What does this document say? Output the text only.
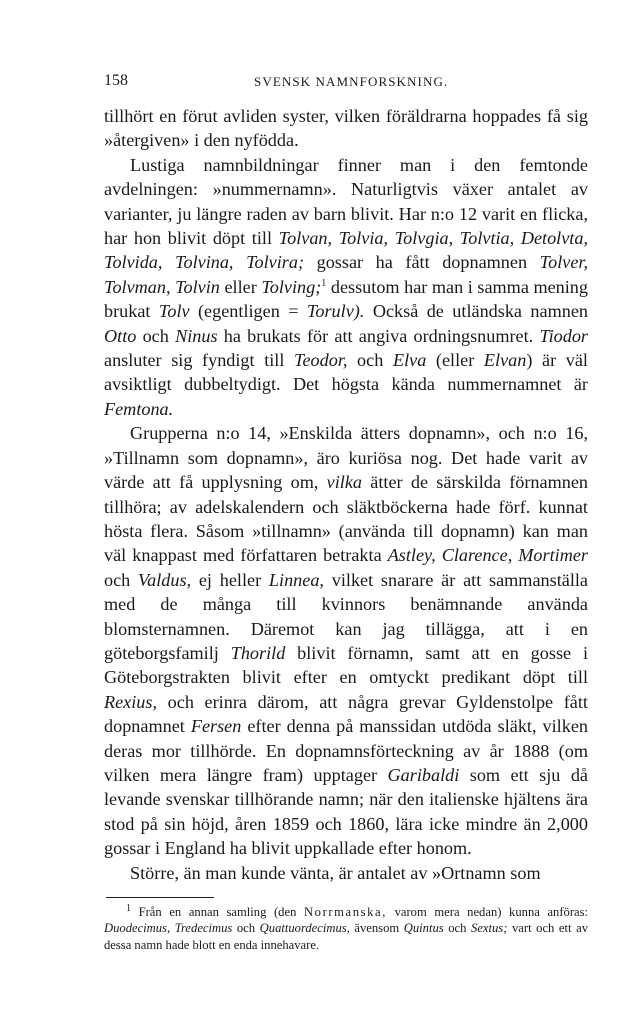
158	SVENSK NAMNFORSKNING.

tillhört en förut avliden syster, vilken föräldrarna hoppades få sig »återgiven» i den nyfödda.

Lustiga namnbildningar finner man i den femtonde avdelningen: »nummernamn». Naturligtvis växer antalet av varianter, ju längre raden av barn blivit. Har n:o 12 varit en flicka, har hon blivit döpt till Tolvan, Tolvia, Tolvgia, Tolvtia, Detolvta, Tolvida, Tolvina, Tolvira; gossar ha fått dopnamnen Tolver, Tolvman, Tolvin eller Tolving;$^1$ dessutom har man i samma mening brukat Tolv (egentligen = Torulv). Också de utländska namnen Otto och Ninus ha brukats för att angiva ordningsnumret. Tiodor ansluter sig fyndigt till Teodor, och Elva (eller Elvan) är väl avsiktligt dubbeltydigt. Det högsta kända nummernamnet är Femtona.

Grupperna n:o 14, »Enskilda ätters dopnamn», och n:o 16, »Tillnamn som dopnamn», äro kuriösa nog. Det hade varit av värde att få upplysning om, vilka ätter de särskilda förnamnen tillhöra; av adelskalendern och släktböckerna hade förf. kunnat hösta flera. Såsom »tillnamn» (använda till dopnamn) kan man väl knappast med författaren betrakta Astley, Clarence, Mortimer och Valdus, ej heller Linnea, vilket snarare är att sammanställa med de många till kvinnors benämnande använda blomsternamnen. Däremot kan jag tillägga, att i en göteborgsfamilj Thorild blivit förnamn, samt att en gosse i Göteborgstrakten blivit efter en omtyckt predikant döpt till Rexius, och erinra därom, att några grevar Gyldenstolpe fått dopnamnet Fersen efter denna på manssidan utdöda släkt, vilken deras mor tillhörde. En dopnamnsförteckning av år 1888 (om vilken mera längre fram) upptager Garibaldi som ett sju då levande svenskar tillhörande namn; när den italienske hjältens ära stod på sin höjd, åren 1859 och 1860, lära icke mindre än 2,000 gossar i England ha blivit uppkallade efter honom.

Större, än man kunde vänta, är antalet av »Ortnamn som

$^1$ Från en annan samling (den Norrmanska, varom mera nedan) kunna anföras: Duodecimus, Tredecimus och Quattuordecimus, ävensom Quintus och Sextus; vart och ett av dessa namn hade blott en enda innehavare.
